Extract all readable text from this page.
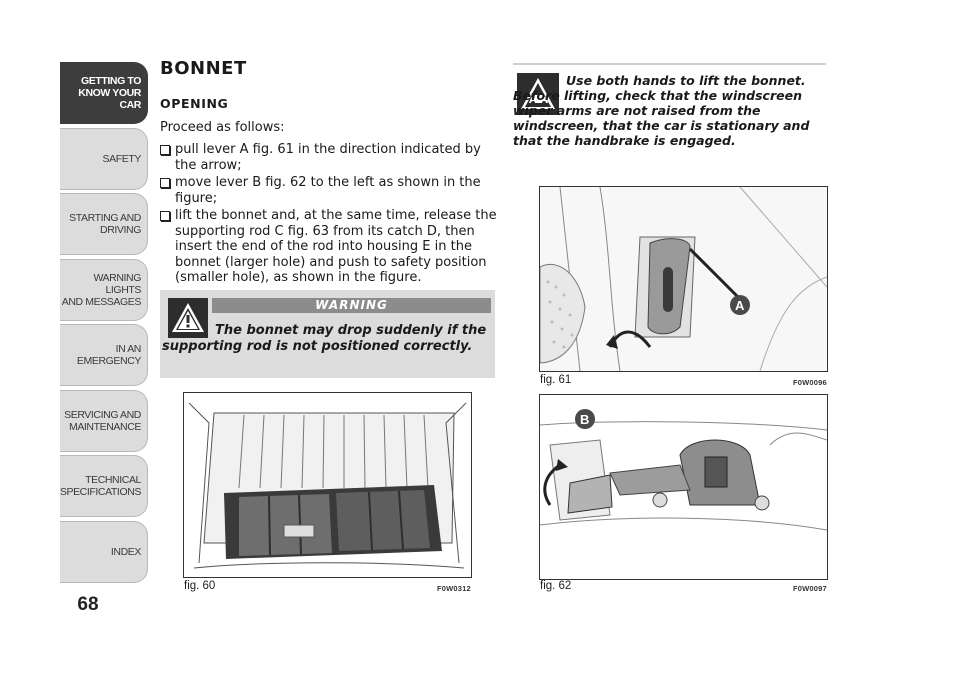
GETTING TO
KNOW YOUR CAR
SAFETY
STARTING AND
DRIVING
WARNING LIGHTS
AND MESSAGES
IN AN EMERGENCY
SERVICING AND
MAINTENANCE
TECHNICAL
SPECIFICATIONS
INDEX
68
BONNET
OPENING
Proceed as follows:
pull lever A fig. 61 in the direction indicated by the arrow;
move lever B fig. 62 to the left as shown in the figure;
lift the bonnet and, at the same time, release the supporting rod C fig. 63 from its catch D, then insert the end of the rod into housing E in the bonnet (larger hole) and push to safety position (smaller hole), as shown in the figure.
WARNING
The bonnet may drop suddenly if the supporting rod is not positioned correctly.
Use both hands to lift the bonnet. Before lifting, check that the windscreen wiper arms are not raised from the windscreen, that the car is stationary and that the handbrake is engaged.
fig. 60	F0W0312
A
fig. 61	F0W0096
B
fig. 62	F0W0097
